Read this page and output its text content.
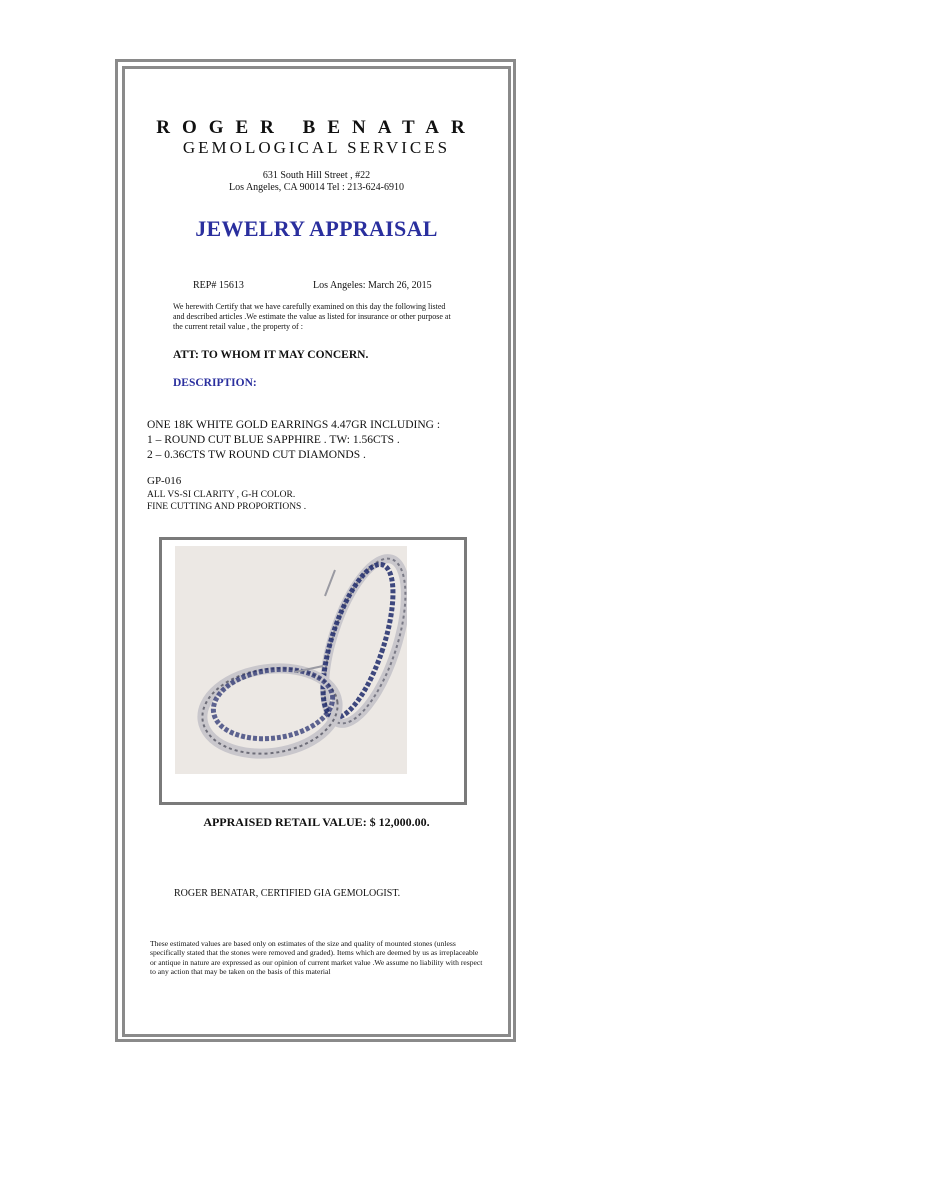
ROGER BENATAR
GEMOLOGICAL SERVICES
631 South Hill Street , #22
Los Angeles, CA 90014 Tel : 213-624-6910
JEWELRY APPRAISAL
REP# 15613	Los Angeles: March 26, 2015
We herewith Certify that we have carefully examined on this day the following listed and described articles .We estimate the value as listed for insurance or other purpose at the current retail value , the property of :
ATT: TO WHOM IT MAY CONCERN.
DESCRIPTION:
ONE 18K WHITE GOLD EARRINGS 4.47GR INCLUDING :
1 – ROUND CUT BLUE SAPPHIRE . TW: 1.56CTS .
2 – 0.36CTS TW ROUND CUT DIAMONDS .
GP-016
ALL VS-SI CLARITY , G-H COLOR.
FINE CUTTING AND PROPORTIONS .
APPRAISED RETAIL VALUE: $ 12,000.00.
ROGER BENATAR, CERTIFIED GIA GEMOLOGIST.
These estimated values are based only on estimates of the size and quality of mounted stones (unless specifically stated that the stones were removed and graded). Items which are deemed by us as irreplaceable or antique in nature are expressed as our opinion of current market value .We assume no liability with respect to any action that may be taken on the basis of this material
